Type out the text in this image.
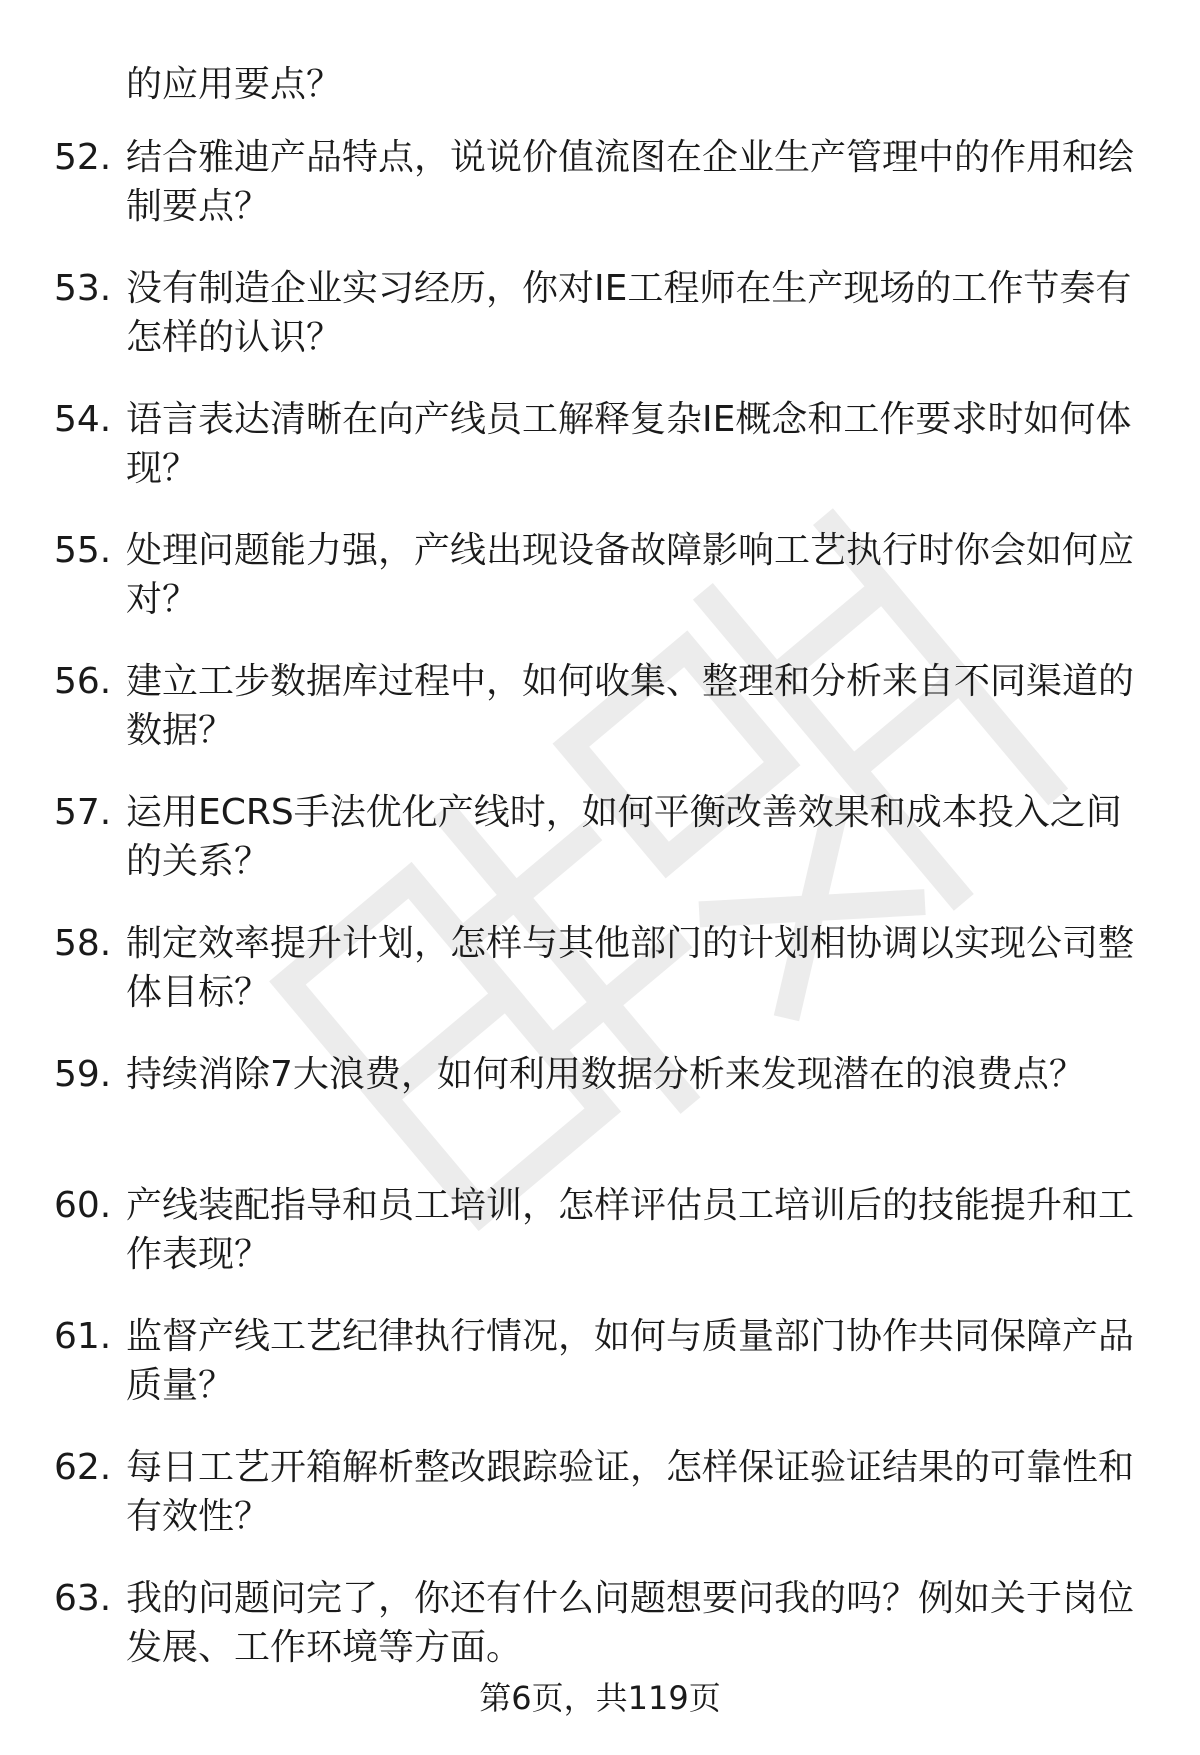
的应用要点？

52. 结合雅迪产品特点，说说价值流图在企业生产管理中的作用和绘制要点？
53. 没有制造企业实习经历，你对IE工程师在生产现场的工作节奏有怎样的认识？
54. 语言表达清晰在向产线员工解释复杂IE概念和工作要求时如何体现？
55. 处理问题能力强，产线出现设备故障影响工艺执行时你会如何应对？
56. 建立工步数据库过程中，如何收集、整理和分析来自不同渠道的数据？
57. 运用ECRS手法优化产线时，如何平衡改善效果和成本投入之间的关系？
58. 制定效率提升计划，怎样与其他部门的计划相协调以实现公司整体目标？
59. 持续消除7大浪费，如何利用数据分析来发现潜在的浪费点？
60. 产线装配指导和员工培训，怎样评估员工培训后的技能提升和工作表现？
61. 监督产线工艺纪律执行情况，如何与质量部门协作共同保障产品质量？
62. 每日工艺开箱解析整改跟踪验证，怎样保证验证结果的可靠性和有效性？
63. 我的问题问完了，你还有什么问题想要问我的吗？例如关于岗位发展、工作环境等方面。
第6页，共119页
